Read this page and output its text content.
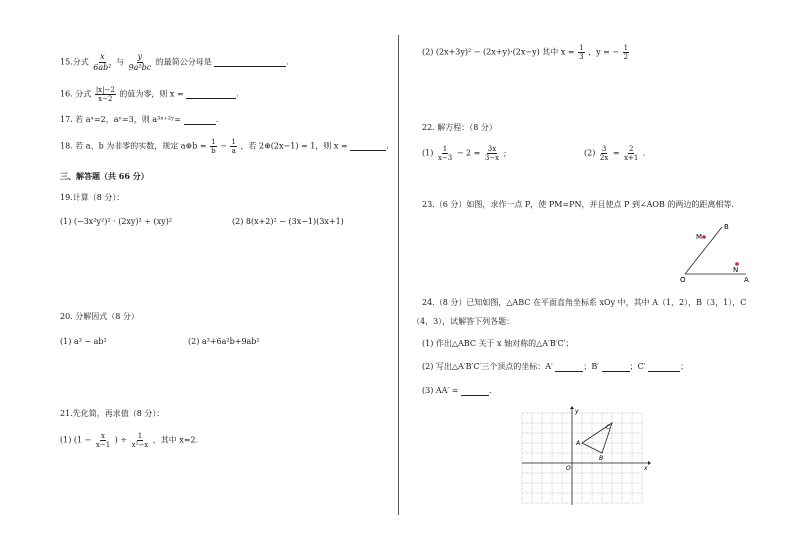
15.分式 $\frac{x}{\text{6ab²}}$ 与 $\frac{y}{\text{9a²bc}}$ 的最简公分母是	.
16. 分式 $\frac{|x|-2}{x-2}$ 的值为零，则 x =	.
17. 若 aˣ=2，aʸ=3，则 a³ˣ⁺²ʸ=	.
18. 若 a、b 为非零的实数，规定 a⊕b = $\frac{1}{b} - \frac{1}{a}$ ，若 2⊕(2x−1) = 1，则 x =	.
三、解答题（共 66 分）
19.计算（8 分）：
(1) (−3x²y²)² · (2xy)³ ÷ (xy)²	(2) 8(x+2)² − (3x−1)(3x+1)
20. 分解因式（8 分）
(1) a³ − ab²	(2) a³+6a²b+9ab²
21.先化简，再求值（8 分）：
(1) ($1 - \frac{x}{x-1}$ ) ÷ $\frac{1}{\text{x²−x}}$ ，其中 x=2.
(2) (2x+3y)² − (2x+y)·(2x−y) 其中 $x = \frac{1}{3}$ ，y = − $\frac{1}{2}$
22. 解方程：（8 分）
$(1) \frac{1}{x-3} - 2 = \frac{3x}{3-x}$ ;	$(2) \frac{3}{2x} = \frac{2}{x+1}$ .
23.（6 分）如图，求作一点 P，使 PM=PN，并且使点 P 到∠AOB 的两边的距离相等.
B
M
N
O	A
24.（8 分）已知如图，△ABC 在平面直角坐标系 xOy 中，其中 A（1，2），B（3，1），C
（4，3），试解答下列各题：
(1) 作出△ABC 关于 x 轴对称的△A′B′C′；
(2) 写出△A′B′C′三个顶点的坐标：A′	；B′	；C′	；
(3) AA′ =	.
y
x
O
A
B
C
